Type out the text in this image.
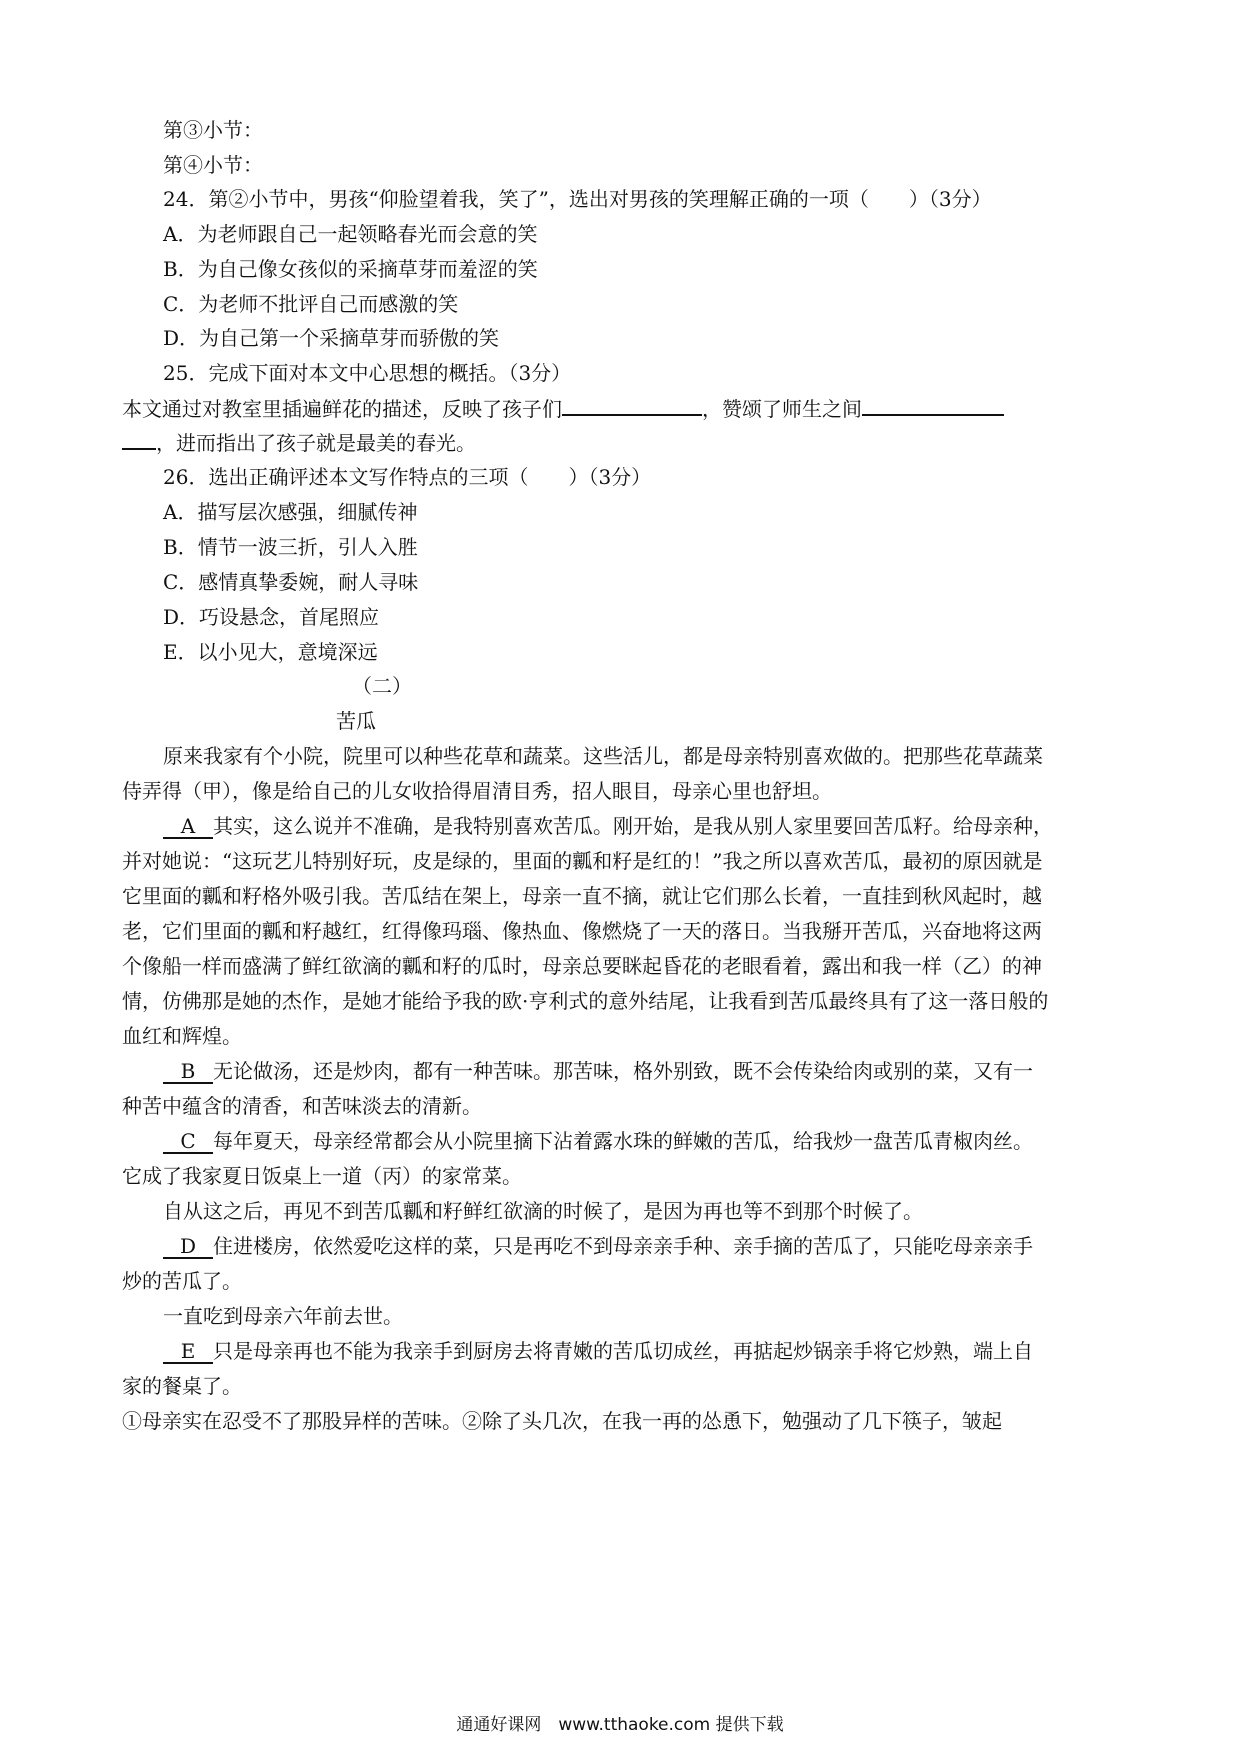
第③小节：
第④小节：
24．第②小节中，男孩“仰脸望着我，笑了”，选出对男孩的笑理解正确的一项（　　）（3分）
A．为老师跟自己一起领略春光而会意的笑
B．为自己像女孩似的采摘草芽而羞涩的笑
C．为老师不批评自己而感激的笑
D．为自己第一个采摘草芽而骄傲的笑
25．完成下面对本文中心思想的概括。（3分）
本文通过对教室里插遍鲜花的描述，反映了孩子们	，赞颂了师生之间
，进而指出了孩子就是最美的春光。
26．选出正确评述本文写作特点的三项（　　）（3分）
A．描写层次感强，细腻传神
B．情节一波三折，引人入胜
C．感情真挚委婉，耐人寻味
D．巧设悬念，首尾照应
E．以小见大，意境深远
（二）
苦瓜
原来我家有个小院，院里可以种些花草和蔬菜。这些活儿，都是母亲特别喜欢做的。把那些花草蔬菜
侍弄得（甲），像是给自己的儿女收拾得眉清目秀，招人眼目，母亲心里也舒坦。
A 其实，这么说并不准确，是我特别喜欢苦瓜。刚开始，是我从别人家里要回苦瓜籽。给母亲种，
并对她说：“这玩艺儿特别好玩，皮是绿的，里面的瓤和籽是红的！”我之所以喜欢苦瓜，最初的原因就是
它里面的瓤和籽格外吸引我。苦瓜结在架上，母亲一直不摘，就让它们那么长着，一直挂到秋风起时，越
老，它们里面的瓤和籽越红，红得像玛瑙、像热血、像燃烧了一天的落日。当我掰开苦瓜，兴奋地将这两
个像船一样而盛满了鲜红欲滴的瓤和籽的瓜时，母亲总要眯起昏花的老眼看着，露出和我一样（乙）的神
情，仿佛那是她的杰作，是她才能给予我的欧·亨利式的意外结尾，让我看到苦瓜最终具有了这一落日般的
血红和辉煌。
B 无论做汤，还是炒肉，都有一种苦味。那苦味，格外别致，既不会传染给肉或别的菜，又有一
种苦中蕴含的清香，和苦味淡去的清新。
C 每年夏天，母亲经常都会从小院里摘下沾着露水珠的鲜嫩的苦瓜，给我炒一盘苦瓜青椒肉丝。
它成了我家夏日饭桌上一道（丙）的家常菜。
自从这之后，再见不到苦瓜瓤和籽鲜红欲滴的时候了，是因为再也等不到那个时候了。
D 住进楼房，依然爱吃这样的菜，只是再吃不到母亲亲手种、亲手摘的苦瓜了，只能吃母亲亲手
炒的苦瓜了。
一直吃到母亲六年前去世。
E 只是母亲再也不能为我亲手到厨房去将青嫩的苦瓜切成丝，再掂起炒锅亲手将它炒熟，端上自
家的餐桌了。
①母亲实在忍受不了那股异样的苦味。②除了头几次，在我一再的怂恿下，勉强动了几下筷子，皱起
通通好课网　www.tthaoke.com 提供下载
